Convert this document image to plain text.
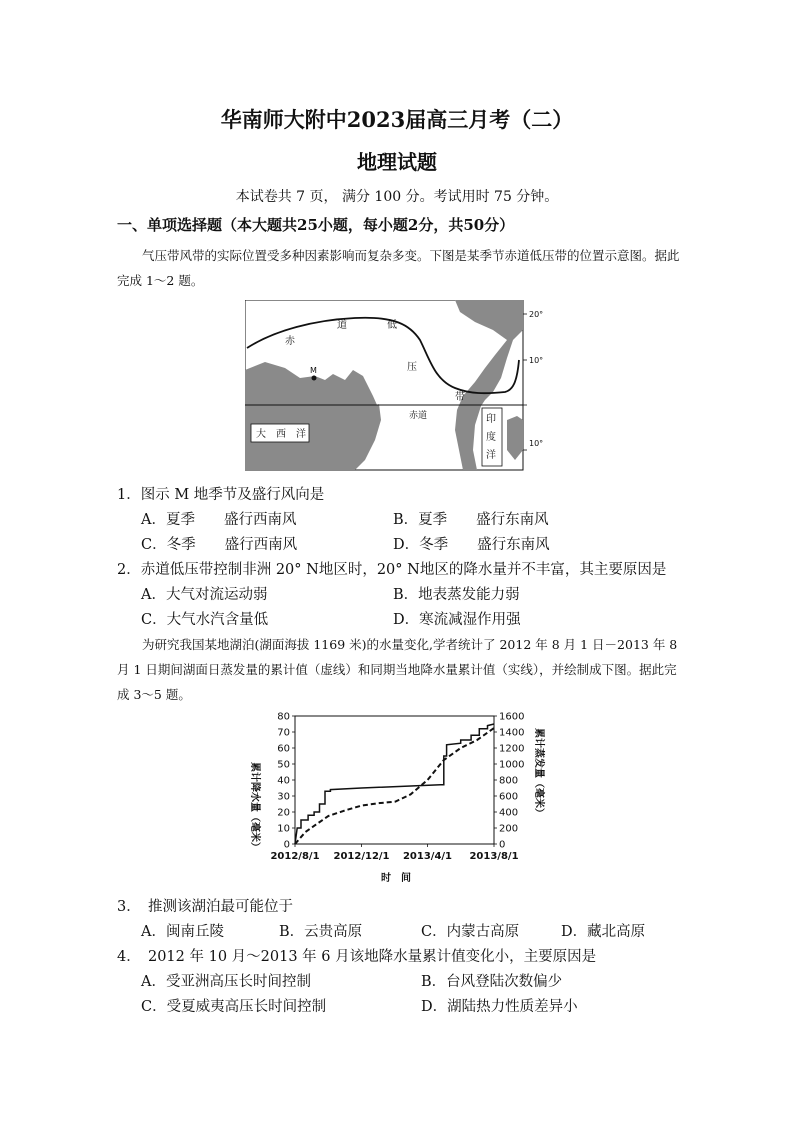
华南师大附中2023届高三月考（二）
地理试题
本试卷共 7 页， 满分 100 分。考试用时 75 分钟。
一、单项选择题（本大题共25小题，每小题2分，共50分）
气压带风带的实际位置受多种因素影响而复杂多变。下图是某季节赤道低压带的位置示意图。据此完成 1～2 题。
M
赤
道	低
压
带
赤道
大　西　洋
印
度
洋
20°
10°
10°
1．图示 M 地季节及盛行风向是
A．夏季　　盛行西南风	B．夏季　　盛行东南风
C．冬季　　盛行西南风	D．冬季　　盛行东南风
2．赤道低压带控制非洲 20° N地区时，20° N地区的降水量并不丰富，其主要原因是
A．大气对流运动弱	B．地表蒸发能力弱
C．大气水汽含量低	D．寒流减湿作用强
为研究我国某地湖泊(湖面海拔 1169 米)的水量变化,学者统计了 2012 年 8 月 1 日－2013 年 8 月 1 日期间湖面日蒸发量的累计值（虚线）和同期当地降水量累计值（实线），并绘制成下图。据此完成 3～5 题。
0
10
20
30
40
50
60
70
80
0
200
400
600
800
1000
1200
1400
1600
2012/8/1 2012/12/1 2013/4/1 2013/8/1
累计降水量（毫米）	累计蒸发量（毫米）
时　间
3．　推测该湖泊最可能位于
A．闽南丘陵	B．云贵高原	C．内蒙古高原	D．藏北高原
4．　2012 年 10 月～2013 年 6 月该地降水量累计值变化小，主要原因是
A．受亚洲高压长时间控制	B．台风登陆次数偏少
C．受夏威夷高压长时间控制	D．湖陆热力性质差异小
